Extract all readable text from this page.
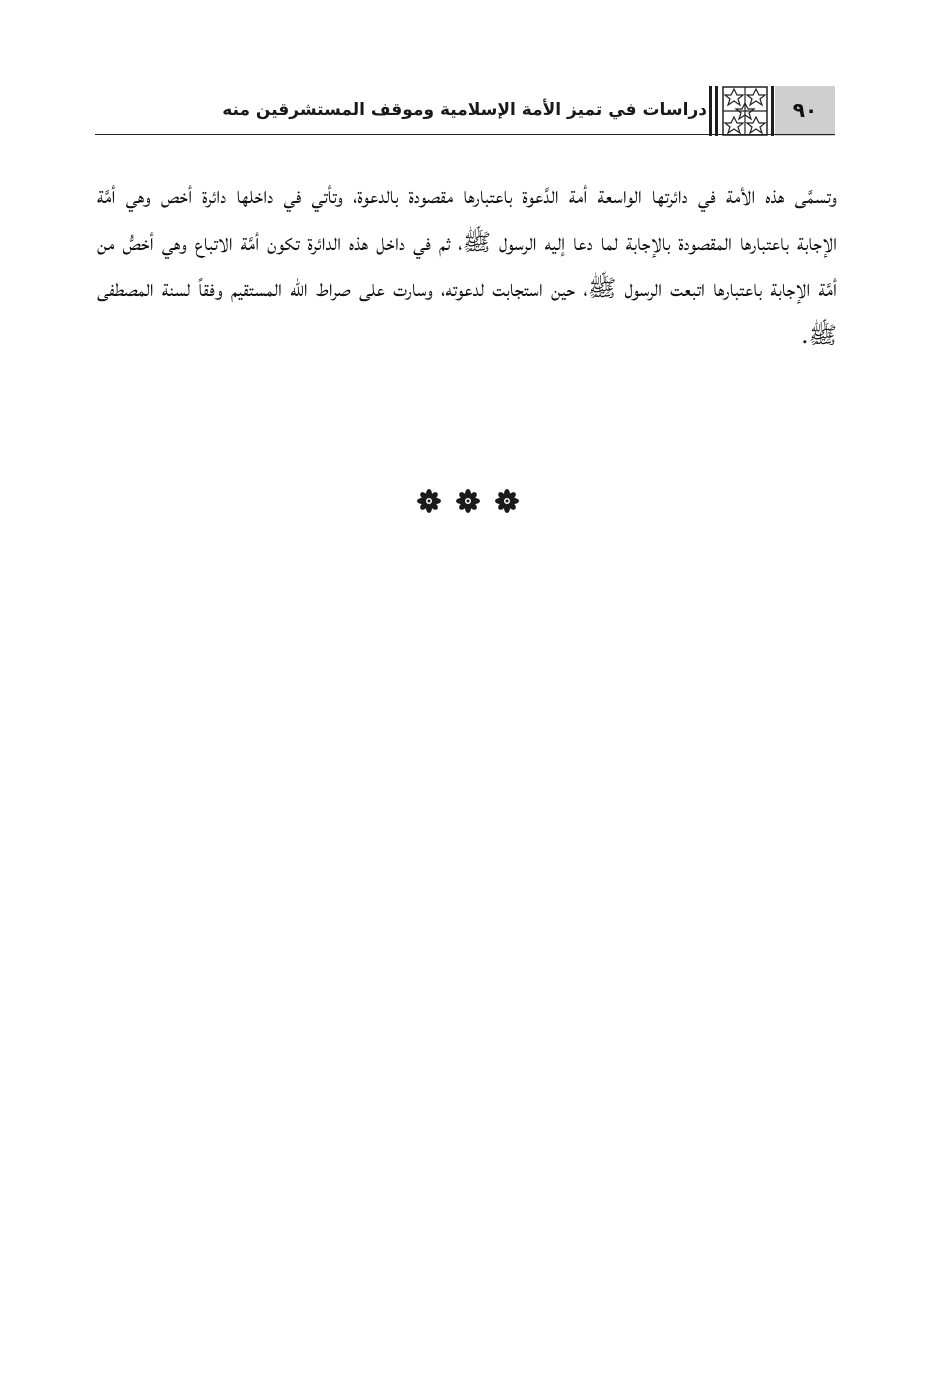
دراسات في تميز الأمة الإسلامية وموقف المستشرقين منه	٩٠
وتسمَّى هذه الأمة في دائرتها الواسعة أمة الدَّعوة باعتبارها مقصودة بالدعوة، وتأتي في داخلها دائرة أخص وهي أمَّة الإجابة باعتبارها المقصودة بالإجابة لما دعا إليه الرسول ﷺ، ثم في داخل هذه الدائرة تكون أمَّة الاتباع وهي أخصُّ من أمَّة الإجابة باعتبارها اتبعت الرسول ﷺ، حين استجابت لدعوته، وسارت على صراط الله المستقيم وفقاً لسنة المصطفى ﷺ.
